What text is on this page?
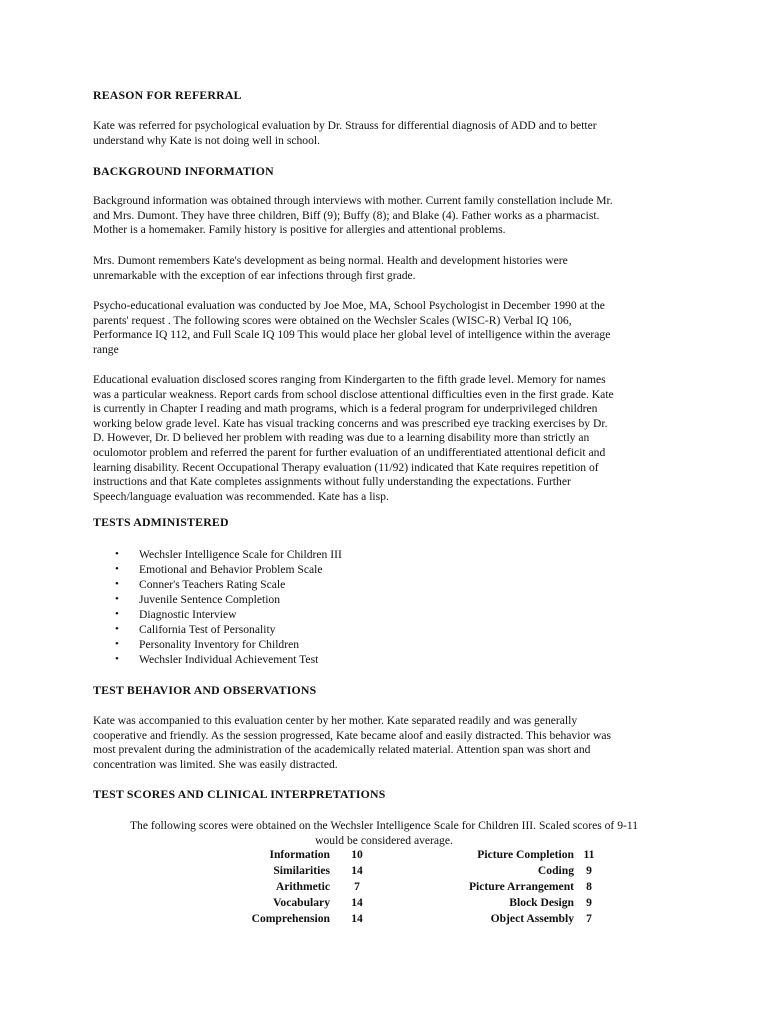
REASON FOR REFERRAL
Kate was referred for psychological evaluation by Dr. Strauss for differential diagnosis of ADD and to better
understand why Kate is not doing well in school.
BACKGROUND INFORMATION
Background information was obtained through interviews with mother. Current family constellation include Mr.
and Mrs. Dumont. They have three children, Biff (9); Buffy (8); and Blake (4). Father works as a pharmacist.
Mother is a homemaker. Family history is positive for allergies and attentional problems.
Mrs. Dumont remembers Kate's development as being normal. Health and development histories were
unremarkable with the exception of ear infections through first grade.
Psycho-educational evaluation was conducted by Joe Moe, MA, School Psychologist in December 1990 at the
parents' request . The following scores were obtained on the Wechsler Scales (WISC-R) Verbal IQ 106,
Performance IQ 112, and Full Scale IQ 109 This would place her global level of intelligence within the average
range
Educational evaluation disclosed scores ranging from Kindergarten to the fifth grade level. Memory for names
was a particular weakness. Report cards from school disclose attentional difficulties even in the first grade. Kate
is currently in Chapter I reading and math programs, which is a federal program for underprivileged children
working below grade level. Kate has visual tracking concerns and was prescribed eye tracking exercises by Dr.
D. However, Dr. D believed her problem with reading was due to a learning disability more than strictly an
oculomotor problem and referred the parent for further evaluation of an undifferentiated attentional deficit and
learning disability. Recent Occupational Therapy evaluation (11/92) indicated that Kate requires repetition of
instructions and that Kate completes assignments without fully understanding the expectations. Further
Speech/language evaluation was recommended. Kate has a lisp.
TESTS ADMINISTERED
• Wechsler Intelligence Scale for Children III
• Emotional and Behavior Problem Scale
• Conner's Teachers Rating Scale
• Juvenile Sentence Completion
• Diagnostic Interview
• California Test of Personality
• Personality Inventory for Children
• Wechsler Individual Achievement Test
TEST BEHAVIOR AND OBSERVATIONS
Kate was accompanied to this evaluation center by her mother. Kate separated readily and was generally
cooperative and friendly. As the session progressed, Kate became aloof and easily distracted. This behavior was
most prevalent during the administration of the academically related material. Attention span was short and
concentration was limited. She was easily distracted.
TEST SCORES AND CLINICAL INTERPRETATIONS
The following scores were obtained on the Wechsler Intelligence Scale for Children III. Scaled scores of 9-11
would be considered average.
Information	10	Picture Completion	11
Similarities	14	Coding	9
Arithmetic	7	Picture Arrangement	8
Vocabulary	14	Block Design	9
Comprehension	14	Object Assembly	7
